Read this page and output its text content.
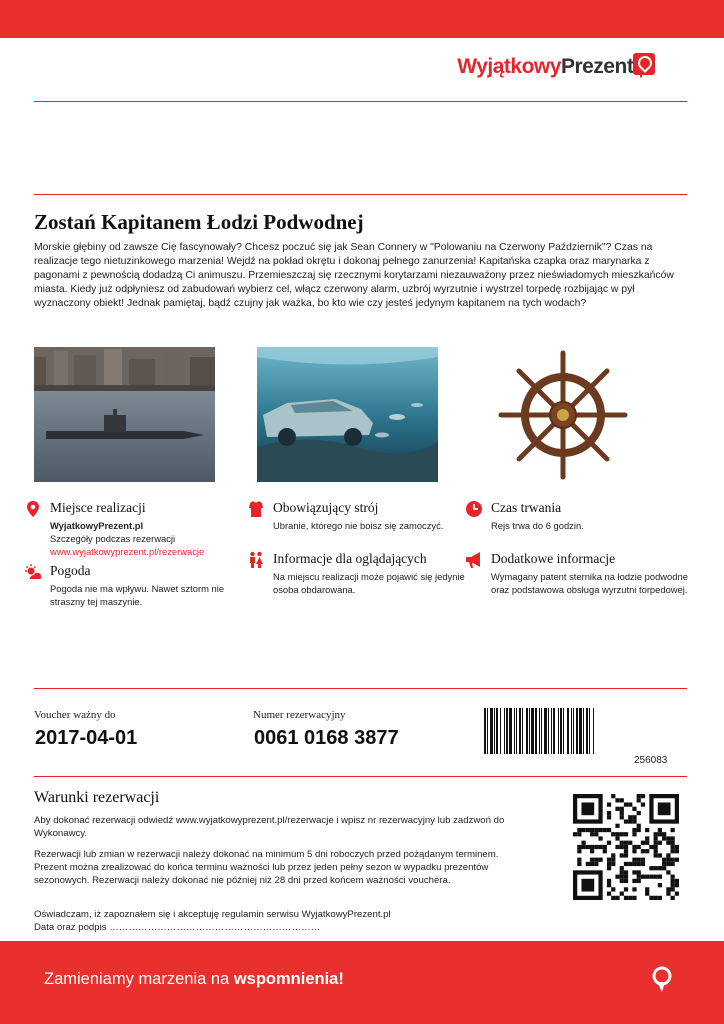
WyjątkowyPrezent
Zostań Kapitanem Łodzi Podwodnej

Morskie głębiny od zawsze Cię fascynowały? Chcesz poczuć się jak Sean Connery w "Polowaniu na Czerwony Październik"? Czas na realizacje tego nietuzinkowego marzenia! Wejdź na pokład okrętu i dokonaj pełnego zanurzenia! Kapitańska czapka oraz marynarka z pagonami z pewnością dodadzą Ci animuszu. Przemieszczaj się rzecznymi korytarzami niezauważony przez nieświadomych mieszkańców miasta. Kiedy już odpłyniesz od zabudowań wybierz cel, włącz czerwony alarm, uzbrój wyrzutnie i wystrzel torpedę rozbijając w pył wyznaczony obiekt! Jednak pamiętaj, bądź czujny jak ważka, bo kto wie czy jesteś jedynym kapitanem na tych wodach?

Miejsce realizacji
WyjatkowyPrezent.pl
Szczegóły podczas rezerwacji
www.wyjatkowyprezent.pl/rezerwacje
Pogoda
Pogoda nie ma wpływu. Nawet sztorm nie straszny tej maszynie.
Obowiązujący strój
Ubranie, którego nie boisz się zamoczyć.
Informacje dla oglądających
Na miejscu realizacji może pojawić się jedynie osoba obdarowana.
Czas trwania
Rejs trwa do 6 godzin.
Dodatkowe informacje
Wymagany patent sternika na łodzie podwodne oraz podstawowa obsługa wyrzutni torpedowej.
Voucher ważny do
2017-04-01
Numer rezerwacyjny
0061 0168 3877
256083
Warunki rezerwacji

Aby dokonać rezerwacji odwiedź www.wyjatkowyprezent.pl/rezerwacje i wpisz nr rezerwacyjny lub zadzwoń do Wykonawcy.

Rezerwacji lub zmian w rezerwacji należy dokonać na minimum 5 dni roboczych przed pożądanym terminem. Prezent można zrealizować do końca terminu ważności lub przez jeden pełny sezon w wypadku prezentów sezonowych. Rezerwacji należy dokonać nie później niż 28 dni przed końcem ważności vouchera.

Oświadczam, iż zapoznałem się i akceptuję regulamin serwisu WyjatkowyPrezent.pl
Data oraz podpis …………………………………………………………

Zamieniamy marzenia na wspomnienia!
